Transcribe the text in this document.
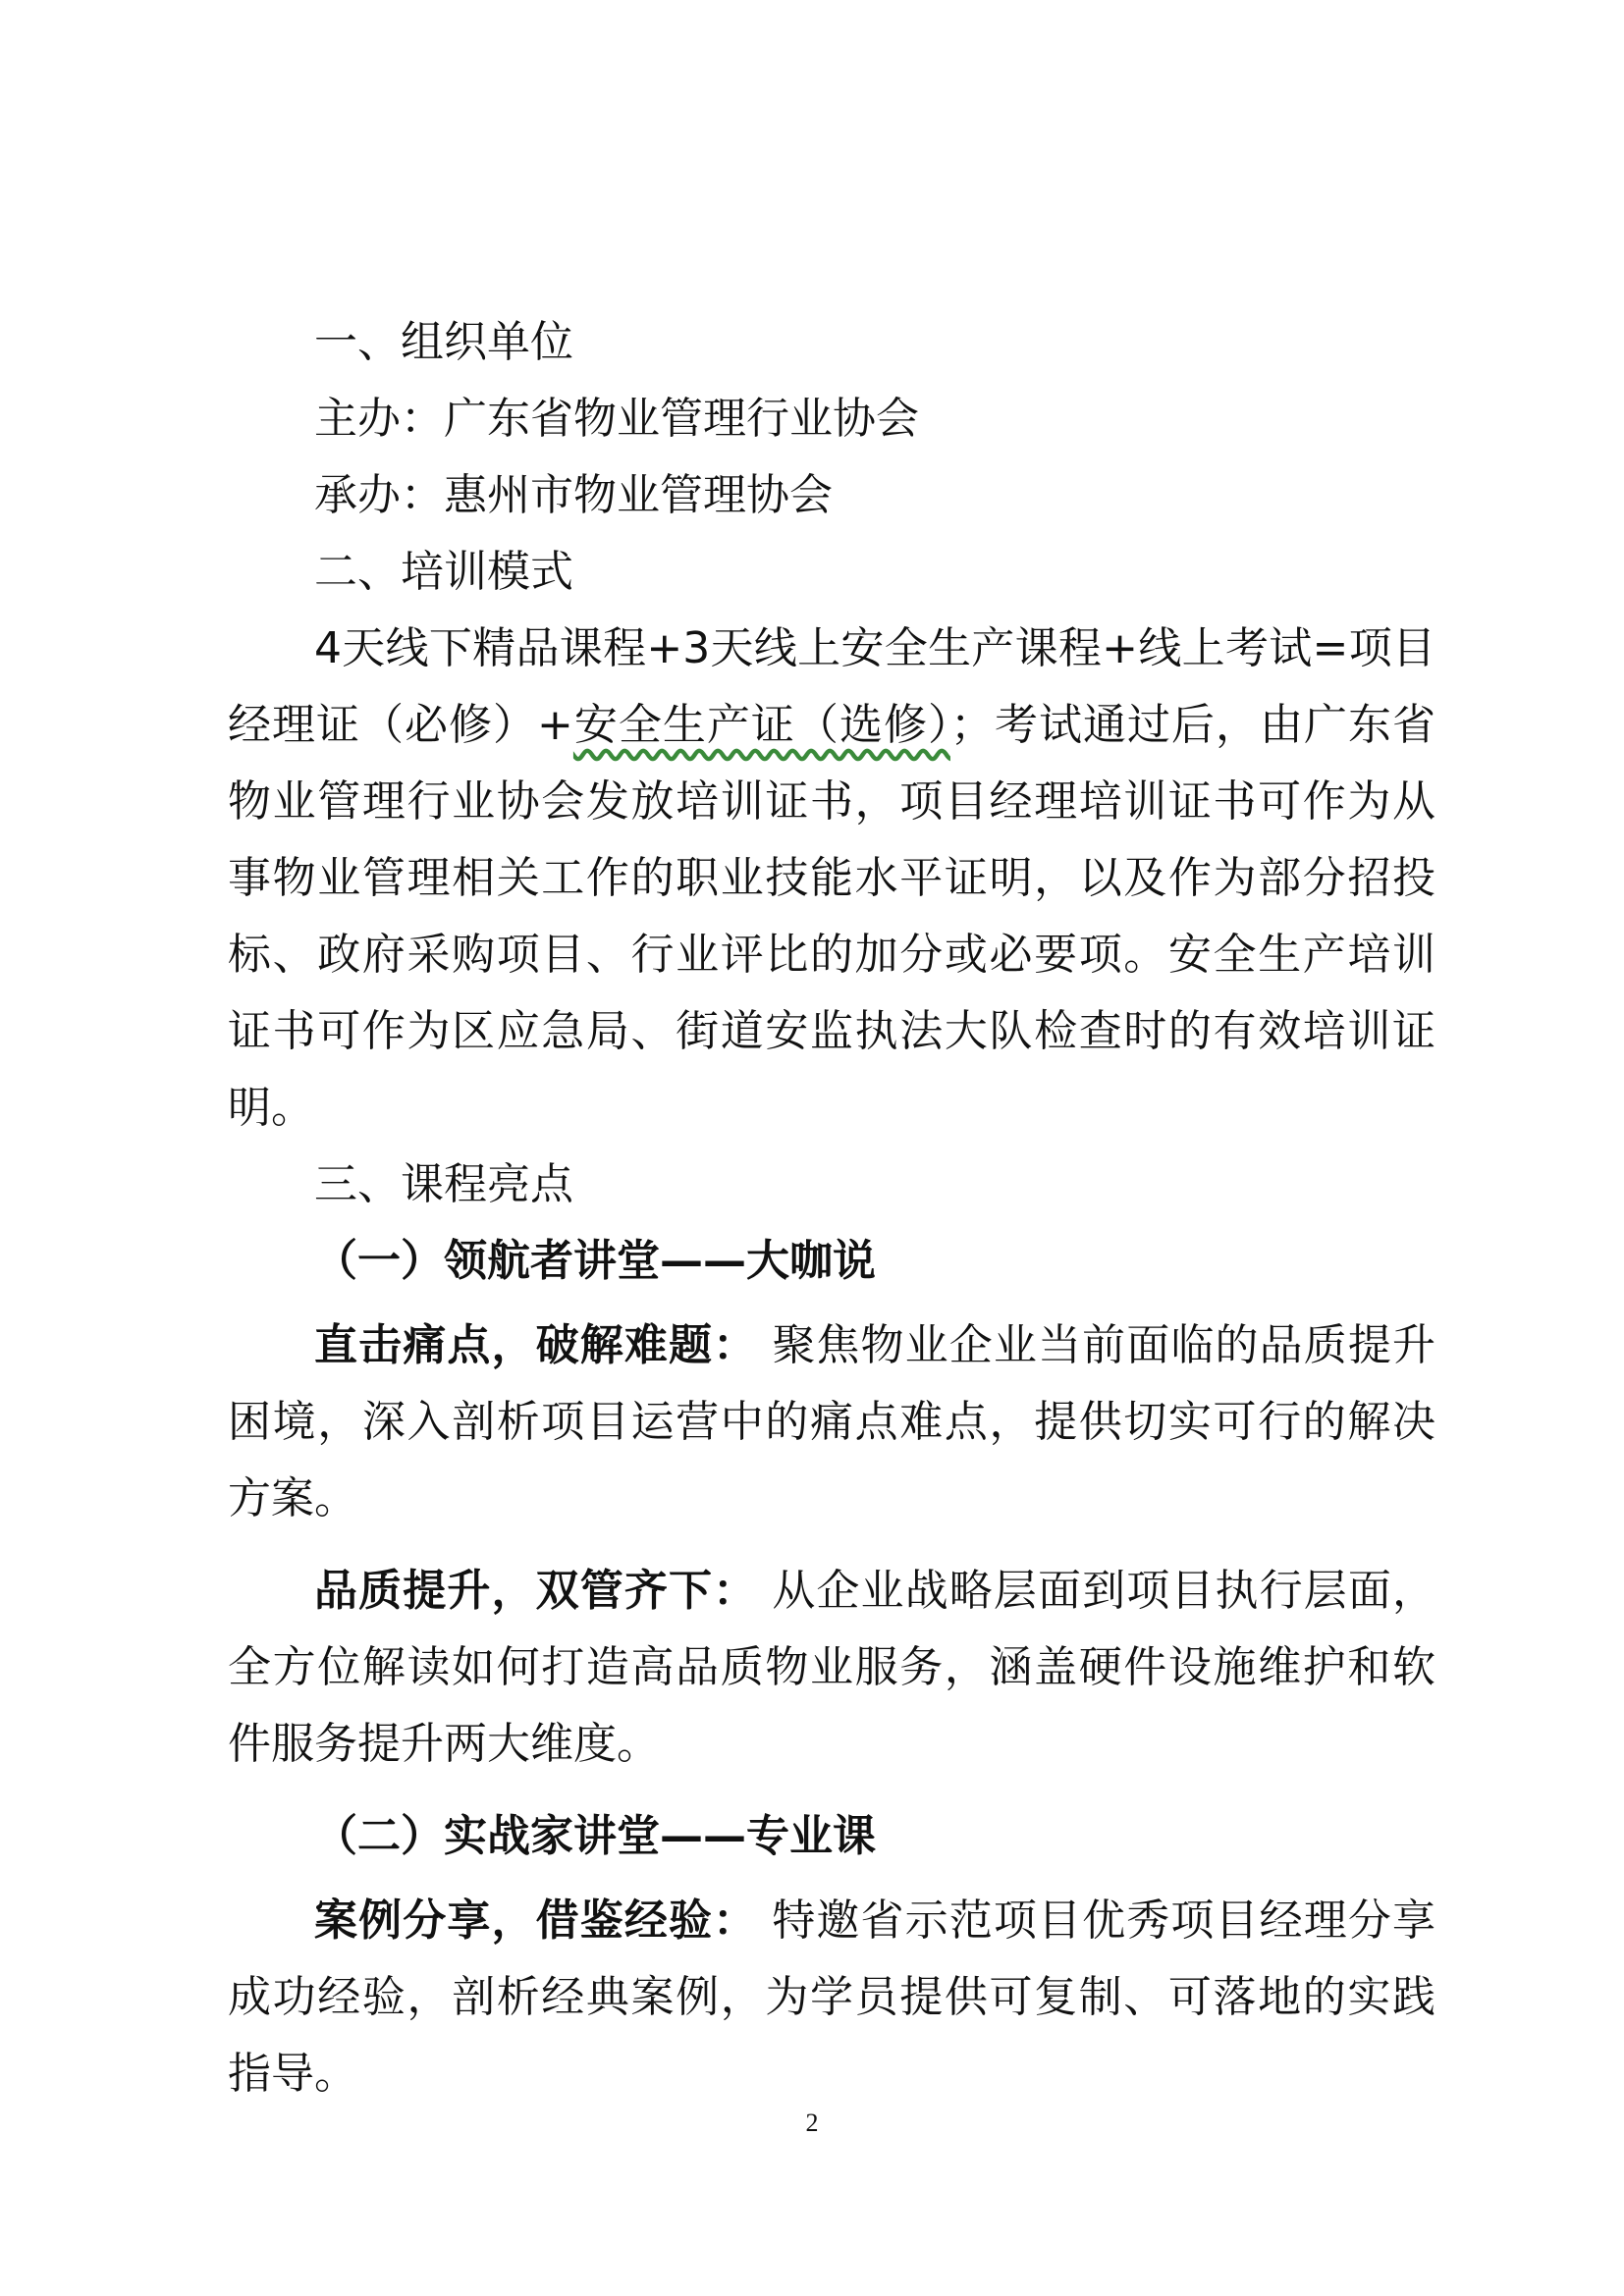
一、组织单位

主办：广东省物业管理行业协会

承办：惠州市物业管理协会

二、培训模式

4天线下精品课程+3天线上安全生产课程+线上考试=项目经理证（必修）+安全生产证（选修）；考试通过后，由广东省物业管理行业协会发放培训证书，项目经理培训证书可作为从事物业管理相关工作的职业技能水平证明，以及作为部分招投标、政府采购项目、行业评比的加分或必要项。安全生产培训证书可作为区应急局、街道安监执法大队检查时的有效培训证明。

三、课程亮点

（一）领航者讲堂——大咖说

直击痛点，破解难题： 聚焦物业企业当前面临的品质提升困境，深入剖析项目运营中的痛点难点，提供切实可行的解决方案。

品质提升，双管齐下： 从企业战略层面到项目执行层面，全方位解读如何打造高品质物业服务，涵盖硬件设施维护和软件服务提升两大维度。

（二）实战家讲堂——专业课

案例分享，借鉴经验： 特邀省示范项目优秀项目经理分享成功经验，剖析经典案例，为学员提供可复制、可落地的实践指导。

2
